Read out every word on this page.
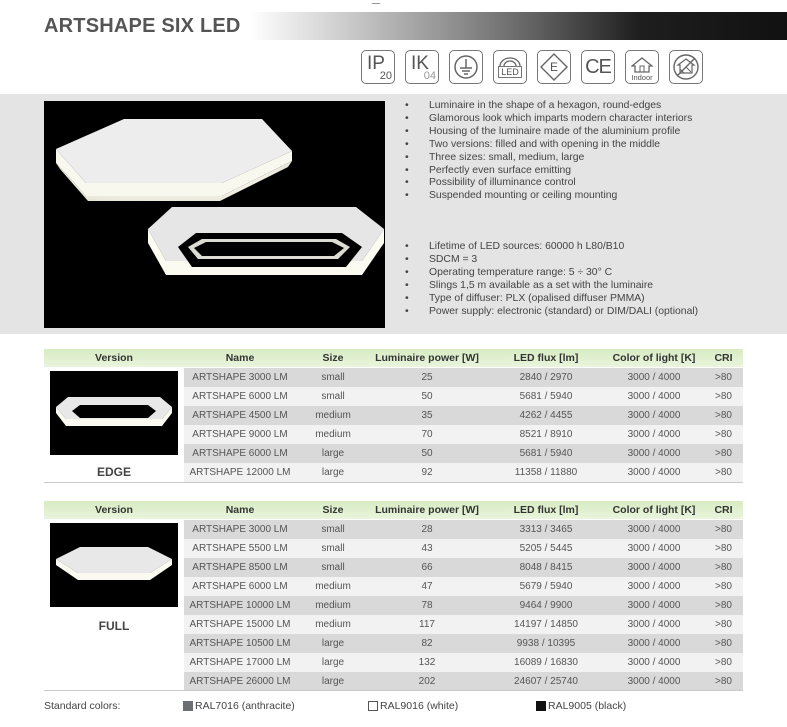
ARTSHAPE SIX LED
IP
20
IK
04	LED	E CE	Indoor
• Luminaire in the shape of a hexagon, round-edges
• Glamorous look which imparts modern character interiors
• Housing of the luminaire made of the aluminium profile
• Two versions: filled and with opening in the middle
• Three sizes: small, medium, large
• Perfectly even surface emitting
• Possibility of illuminance control
• Suspended mounting or ceiling mounting
• Lifetime of LED sources: 60000 h L80/B10
• SDCM = 3
• Operating temperature range: 5 ÷ 30° C
• Slings 1,5 m available as a set with the luminaire
• Type of diffuser: PLX (opalised diffuser PMMA)
• Power supply: electronic (standard) or DIM/DALI (optional)
Version	Name	Size	Luminaire power [W]	LED flux [lm]	Color of light [K]	CRI
EDGE
ARTSHAPE 3000 LM	small	25	2840 / 2970	3000 / 4000	>80
ARTSHAPE 6000 LM	small	50	5681 / 5940	3000 / 4000	>80
ARTSHAPE 4500 LM	medium	35	4262 / 4455	3000 / 4000	>80
ARTSHAPE 9000 LM	medium	70	8521 / 8910	3000 / 4000	>80
ARTSHAPE 6000 LM	large	50	5681 / 5940	3000 / 4000	>80
ARTSHAPE 12000 LM	large	92	11358 / 11880	3000 / 4000	>80
Version	Name	Size	Luminaire power [W]	LED flux [lm]	Color of light [K]	CRI
FULL
ARTSHAPE 3000 LM	small	28	3313 / 3465	3000 / 4000	>80
ARTSHAPE 5500 LM	small	43	5205 / 5445	3000 / 4000	>80
ARTSHAPE 8500 LM	small	66	8048 / 8415	3000 / 4000	>80
ARTSHAPE 6000 LM	medium	47	5679 / 5940	3000 / 4000	>80
ARTSHAPE 10000 LM	medium	78	9464 / 9900	3000 / 4000	>80
ARTSHAPE 15000 LM	medium	117	14197 / 14850	3000 / 4000	>80
ARTSHAPE 10500 LM	large	82	9938 / 10395	3000 / 4000	>80
ARTSHAPE 17000 LM	large	132	16089 / 16830	3000 / 4000	>80
ARTSHAPE 26000 LM	large	202	24607 / 25740	3000 / 4000	>80
Standard colors:	RAL7016 (anthracite)	RAL9016 (white)	RAL9005 (black)
